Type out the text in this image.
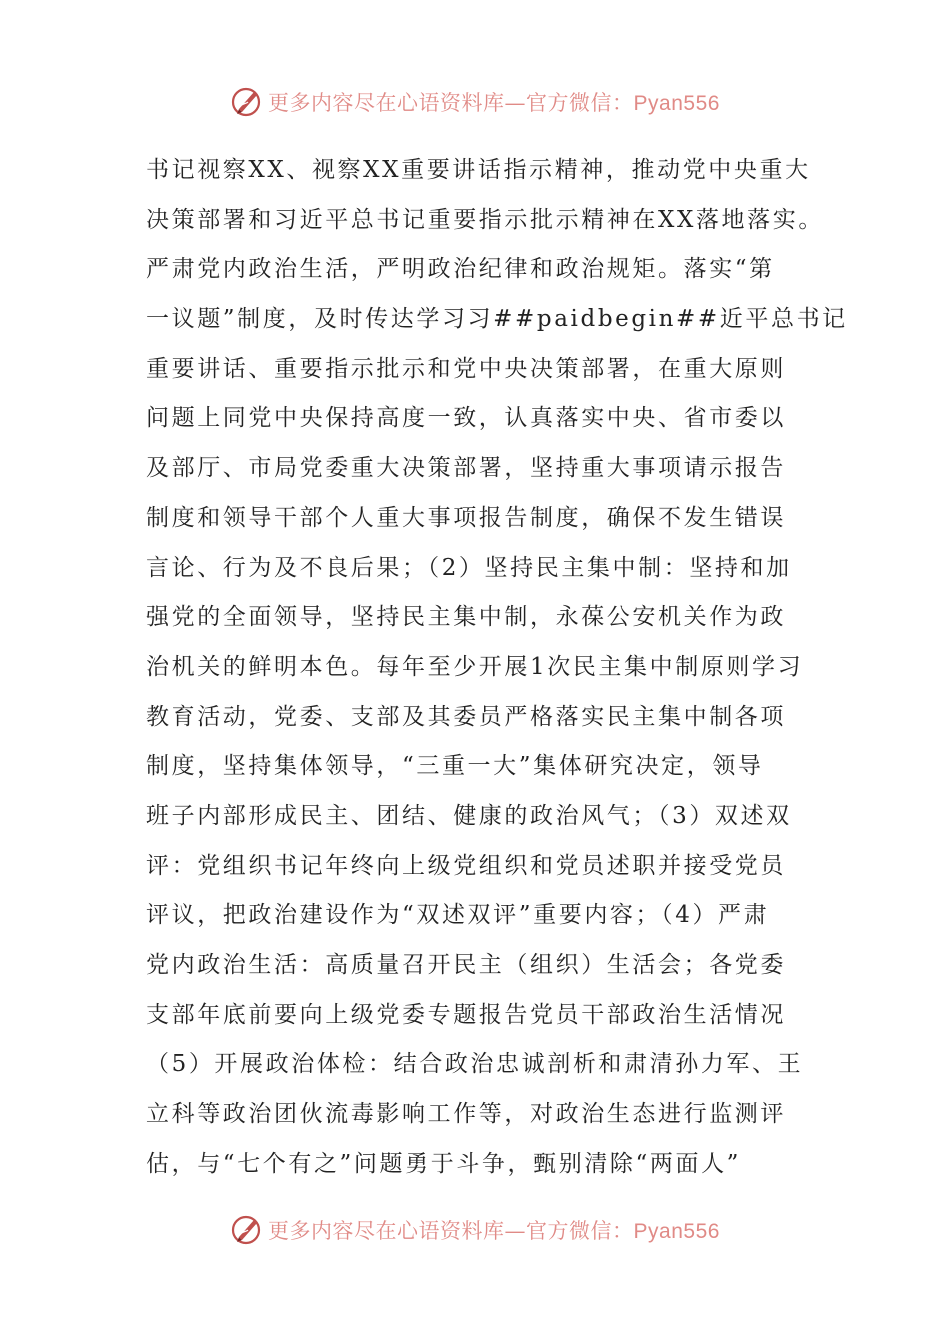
更多内容尽在心语资料库—官方微信：Pyan556
书记视察XX、视察XX重要讲话指示精神，推动党中央重大
决策部署和习近平总书记重要指示批示精神在XX落地落实。
严肃党内政治生活，严明政治纪律和政治规矩。落实“第
一议题”制度，及时传达学习习##paidbegin##近平总书记
重要讲话、重要指示批示和党中央决策部署，在重大原则
问题上同党中央保持高度一致，认真落实中央、省市委以
及部厅、市局党委重大决策部署，坚持重大事项请示报告
制度和领导干部个人重大事项报告制度，确保不发生错误
言论、行为及不良后果；（2）坚持民主集中制：坚持和加
强党的全面领导，坚持民主集中制，永葆公安机关作为政
治机关的鲜明本色。每年至少开展1次民主集中制原则学习
教育活动，党委、支部及其委员严格落实民主集中制各项
制度，坚持集体领导，“三重一大”集体研究决定，领导
班子内部形成民主、团结、健康的政治风气；（3）双述双
评：党组织书记年终向上级党组织和党员述职并接受党员
评议，把政治建设作为“双述双评”重要内容；（4）严肃
党内政治生活：高质量召开民主（组织）生活会；各党委
支部年底前要向上级党委专题报告党员干部政治生活情况
（5）开展政治体检：结合政治忠诚剖析和肃清孙力军、王
立科等政治团伙流毒影响工作等，对政治生态进行监测评
估，与“七个有之”问题勇于斗争，甄别清除“两面人”
更多内容尽在心语资料库—官方微信：Pyan556
